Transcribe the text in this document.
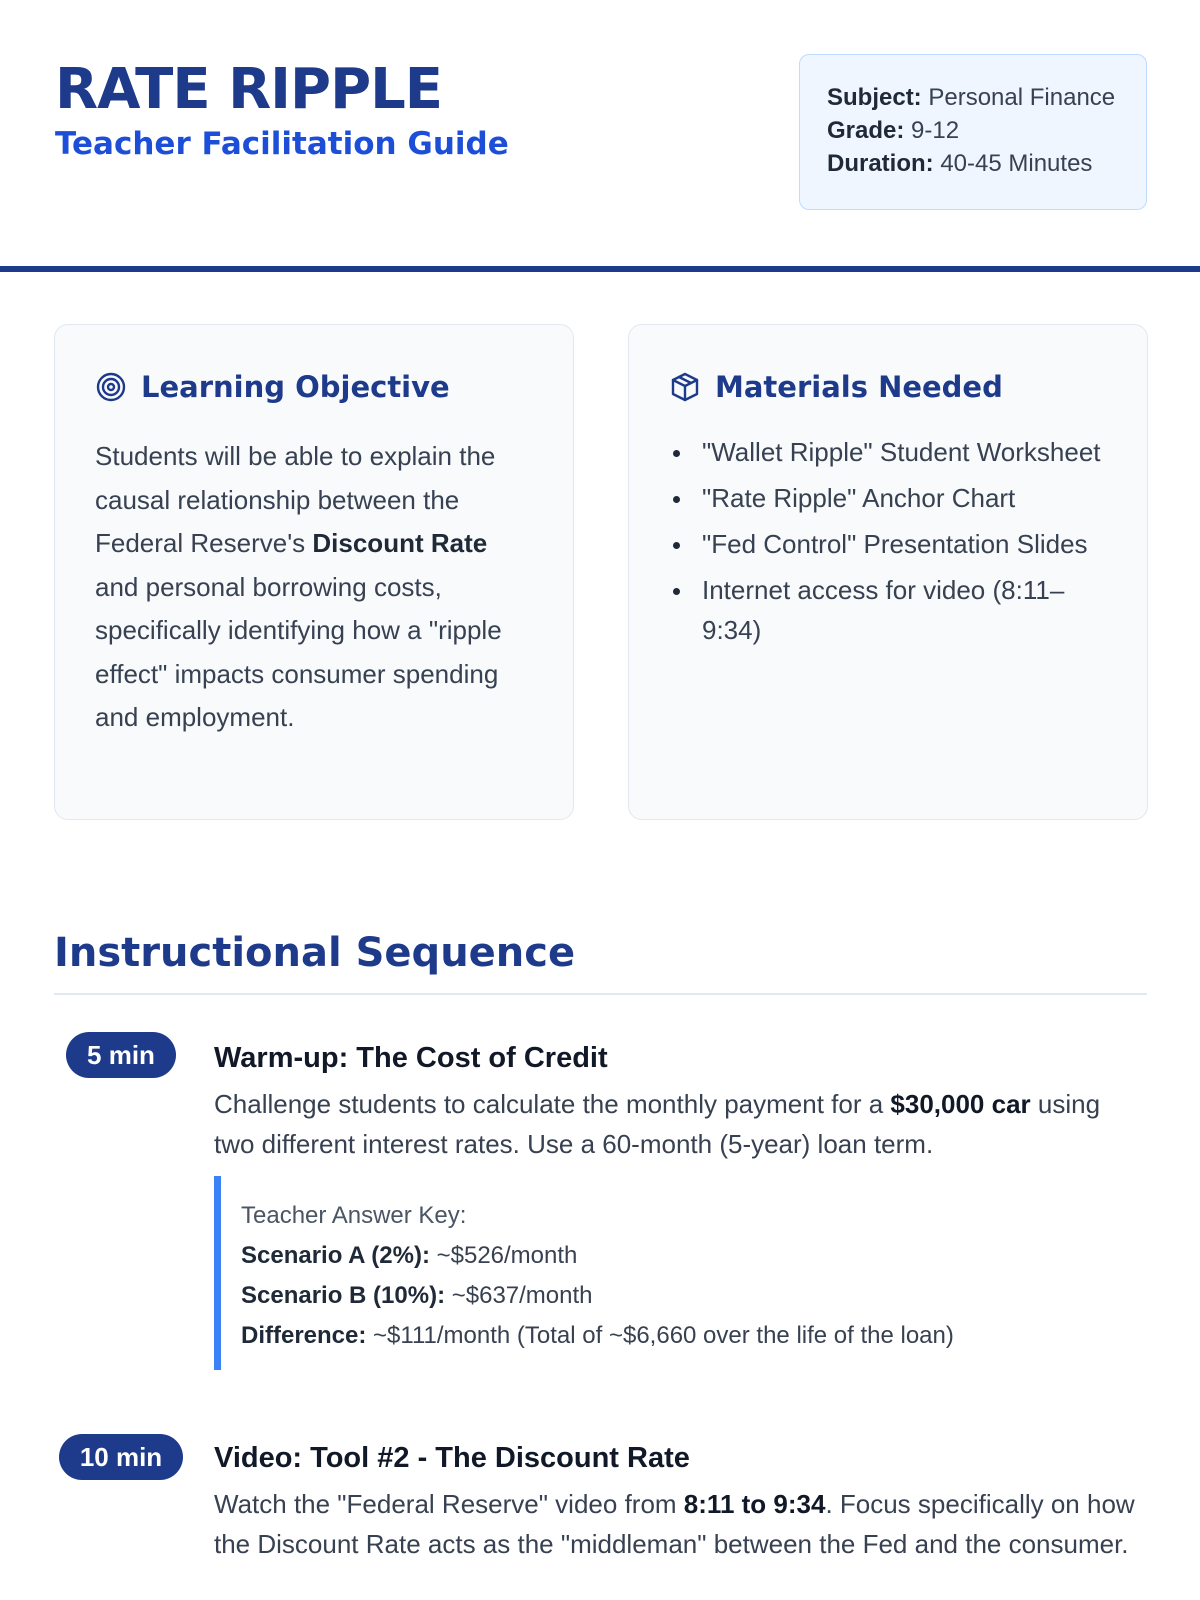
RATE RIPPLE
Teacher Facilitation Guide
Subject: Personal Finance
Grade: 9-12
Duration: 40-45 Minutes
Learning Objective
Students will be able to explain the causal relationship between the Federal Reserve's Discount Rate and personal borrowing costs, specifically identifying how a "ripple effect" impacts consumer spending and employment.
Materials Needed
"Wallet Ripple" Student Worksheet
"Rate Ripple" Anchor Chart
"Fed Control" Presentation Slides
Internet access for video (8:11–9:34)
Instructional Sequence
5 min	Warm-up: The Cost of Credit
Challenge students to calculate the monthly payment for a $30,000 car using two different interest rates. Use a 60-month (5-year) loan term.
Teacher Answer Key:
Scenario A (2%): ~$526/month
Scenario B (10%): ~$637/month
Difference: ~$111/month (Total of ~$6,660 over the life of the loan)
10 min	Video: Tool #2 - The Discount Rate
Watch the "Federal Reserve" video from 8:11 to 9:34. Focus specifically on how the Discount Rate acts as the "middleman" between the Fed and the consumer.
